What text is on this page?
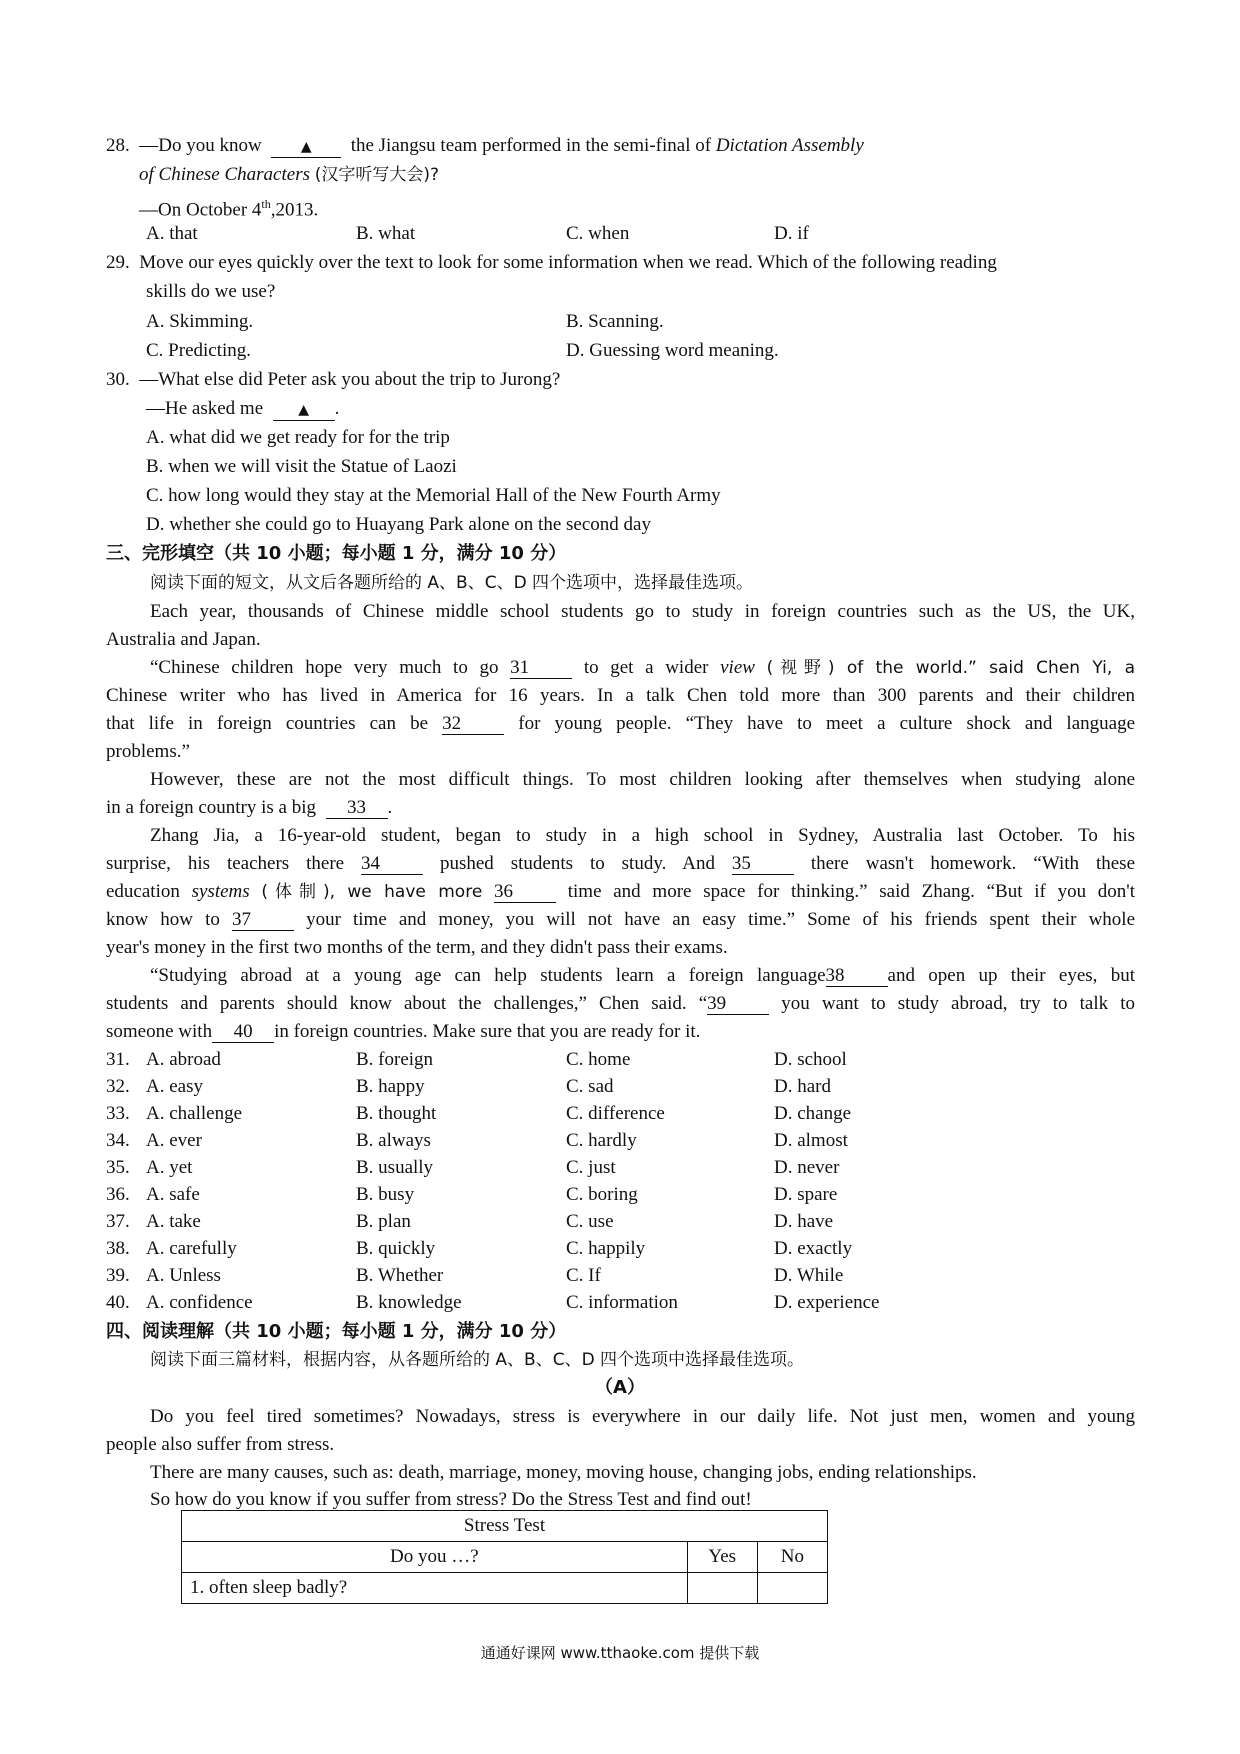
28. —Do you know	▲ the Jiangsu team performed in the semi-final of Dictation Assembly
of Chinese Characters (汉字听写大会)?
—On October 4th,2013.
A. that	B. what	C. when	D. if
29. Move our eyes quickly over the text to look for some information when we read. Which of the following reading
skills do we use?
A. Skimming.	B. Scanning.
C. Predicting.	D. Guessing word meaning.
30. —What else did Peter ask you about the trip to Jurong?
—He asked me	▲ .
A. what did we get ready for for the trip
B. when we will visit the Statue of Laozi
C. how long would they stay at the Memorial Hall of the New Fourth Army
D. whether she could go to Huayang Park alone on the second day
三、完形填空（共 10 小题；每小题 1 分，满分 10 分）
阅读下面的短文，从文后各题所给的 A、B、C、D 四个选项中，选择最佳选项。
Each year, thousands of Chinese middle school students go to study in foreign countries such as the US, the UK,
Australia and Japan.
“Chinese children hope very much to go 31	to get a wider view (视野) of the world.” said Chen Yi, a
Chinese writer who has lived in America for 16 years. In a talk Chen told more than 300 parents and their children
that life in foreign countries can be 32	for young people. “They have to meet a culture shock and language
problems.”
However, these are not the most difficult things. To most children looking after themselves when studying alone
in a foreign country is a big 33 .
Zhang Jia, a 16-year-old student, began to study in a high school in Sydney, Australia last October. To his
surprise, his teachers there 34	pushed students to study. And 35	there wasn't homework. “With these
education systems (体制), we have more 36	time and more space for thinking.” said Zhang. “But if you don't
know how to 37	your time and money, you will not have an easy time.” Some of his friends spent their whole
year's money in the first two months of the term, and they didn't pass their exams.
“Studying abroad at a young age can help students learn a foreign language38 and open up their eyes, but
students and parents should know about the challenges,” Chen said. “39	you want to study abroad, try to talk to
someone with 40 in foreign countries. Make sure that you are ready for it.
31. A. abroad	B. foreign	C. home	D. school
32. A. easy	B. happy	C. sad	D. hard
33. A. challenge	B. thought	C. difference	D. change
34. A. ever	B. always	C. hardly	D. almost
35. A. yet	B. usually	C. just	D. never
36. A. safe	B. busy	C. boring	D. spare
37. A. take	B. plan	C. use	D. have
38. A. carefully	B. quickly	C. happily	D. exactly
39. A. Unless	B. Whether	C. If	D. While
40. A. confidence	B. knowledge	C. information	D. experience
四、阅读理解（共 10 小题；每小题 1 分，满分 10 分）
阅读下面三篇材料，根据内容，从各题所给的 A、B、C、D 四个选项中选择最佳选项。
（A）
Do you feel tired sometimes? Nowadays, stress is everywhere in our daily life. Not just men, women and young
people also suffer from stress.
There are many causes, such as: death, marriage, money, moving house, changing jobs, ending relationships.
So how do you know if you suffer from stress? Do the Stress Test and find out!
Stress Test		
Do you …?	Yes	No
1. often sleep badly?		
通通好课网 www.tthaoke.com 提供下载
